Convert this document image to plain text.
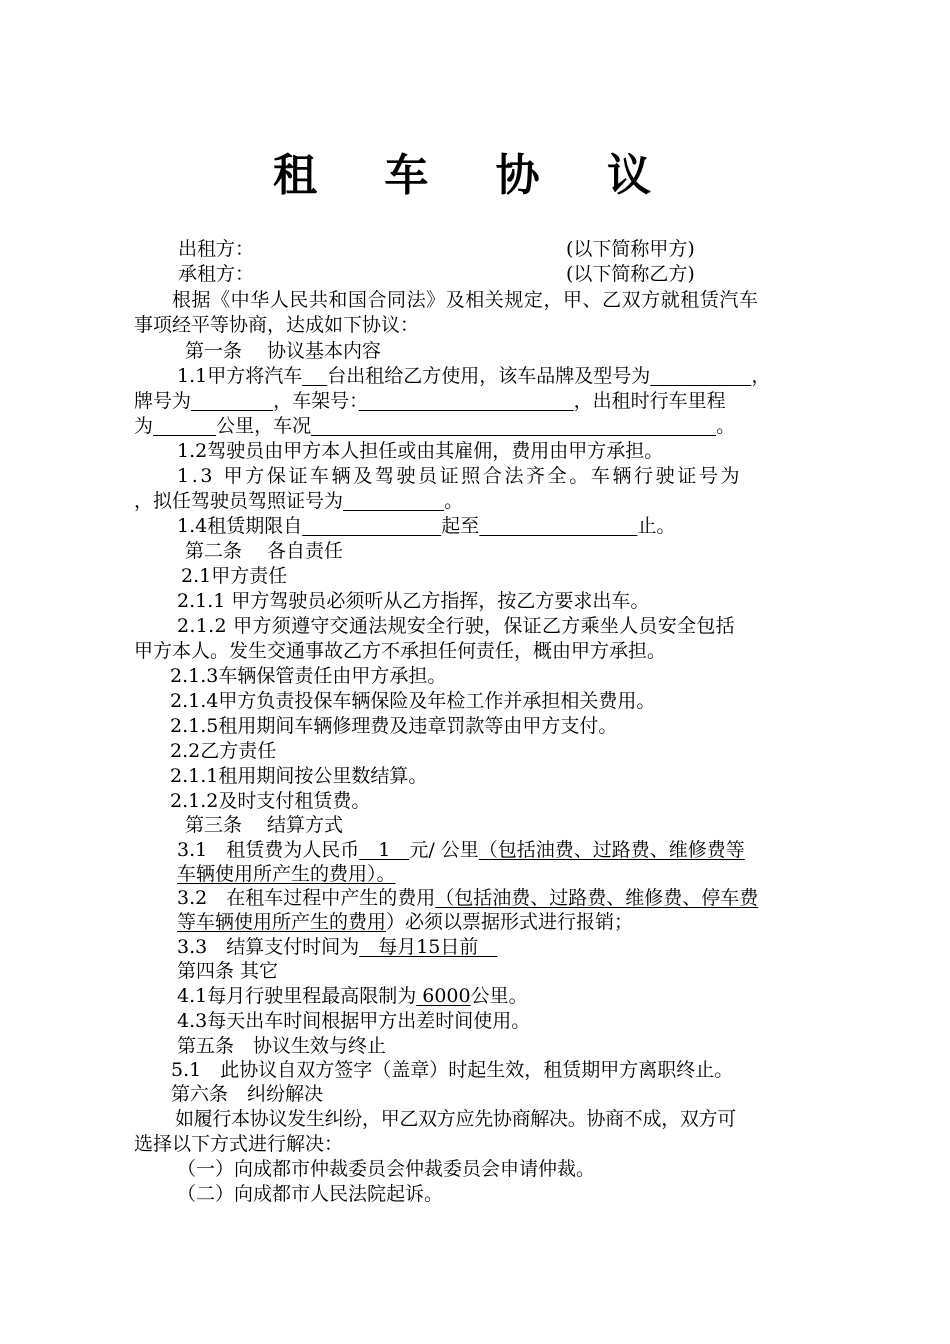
租 车 协 议
出租方：	(以下简称甲方)
承租方：	(以下简称乙方)
根据《中华人民共和国合同法》及相关规定，甲、乙双方就租赁汽车
事项经平等协商，达成如下协议：
第一条　 协议基本内容
1.1甲方将汽车　 台出租给乙方使用，该车品牌及型号为　　　　　	，
牌号为　　　　	，车架号：　　　　　　　　　　　	，出租时行车里程
为　　　	公里，车况　　　　　　　　　　　　　　　　　　　　　	。
1.2驾驶员由甲方本人担任或由其雇佣，费用由甲方承担。
1.3 甲方保证车辆及驾驶员证照合法齐全。车辆行驶证号为
，拟任驾驶员驾照证号为　　　　　	。
1.4租赁期限自　　　　　　　	起至　　　　　　　　	止。
第二条　 各自责任
2.1甲方责任
2.1.1 甲方驾驶员必须听从乙方指挥，按乙方要求出车。
2.1.2 甲方须遵守交通法规安全行驶，保证乙方乘坐人员安全包括
甲方本人。发生交通事故乙方不承担任何责任，概由甲方承担。
2.1.3车辆保管责任由甲方承担。
2.1.4甲方负责投保车辆保险及年检工作并承担相关费用。
2.1.5租用期间车辆修理费及违章罚款等由甲方支付。
2.2乙方责任
2.1.1租用期间按公里数结算。
2.1.2及时支付租赁费。
第三条　 结算方式
3.1　租赁费为人民币　1　元/ 公里（包括油费、过路费、维修费等
车辆使用所产生的费用）。
3.2　在租车过程中产生的费用（包括油费、过路费、维修费、停车费
等车辆使用所产生的费用）必须以票据形式进行报销；
3.3　结算支付时间为　每月15日前　
第四条 其它
4.1每月行驶里程最高限制为 6000公里。
4.3每天出车时间根据甲方出差时间使用。
第五条　协议生效与终止
5.1　此协议自双方签字（盖章）时起生效，租赁期甲方离职终止。
第六条　纠纷解决
如履行本协议发生纠纷，甲乙双方应先协商解决。协商不成，双方可
选择以下方式进行解决：
（一）向成都市仲裁委员会仲裁委员会申请仲裁。
（二）向成都市人民法院起诉。
